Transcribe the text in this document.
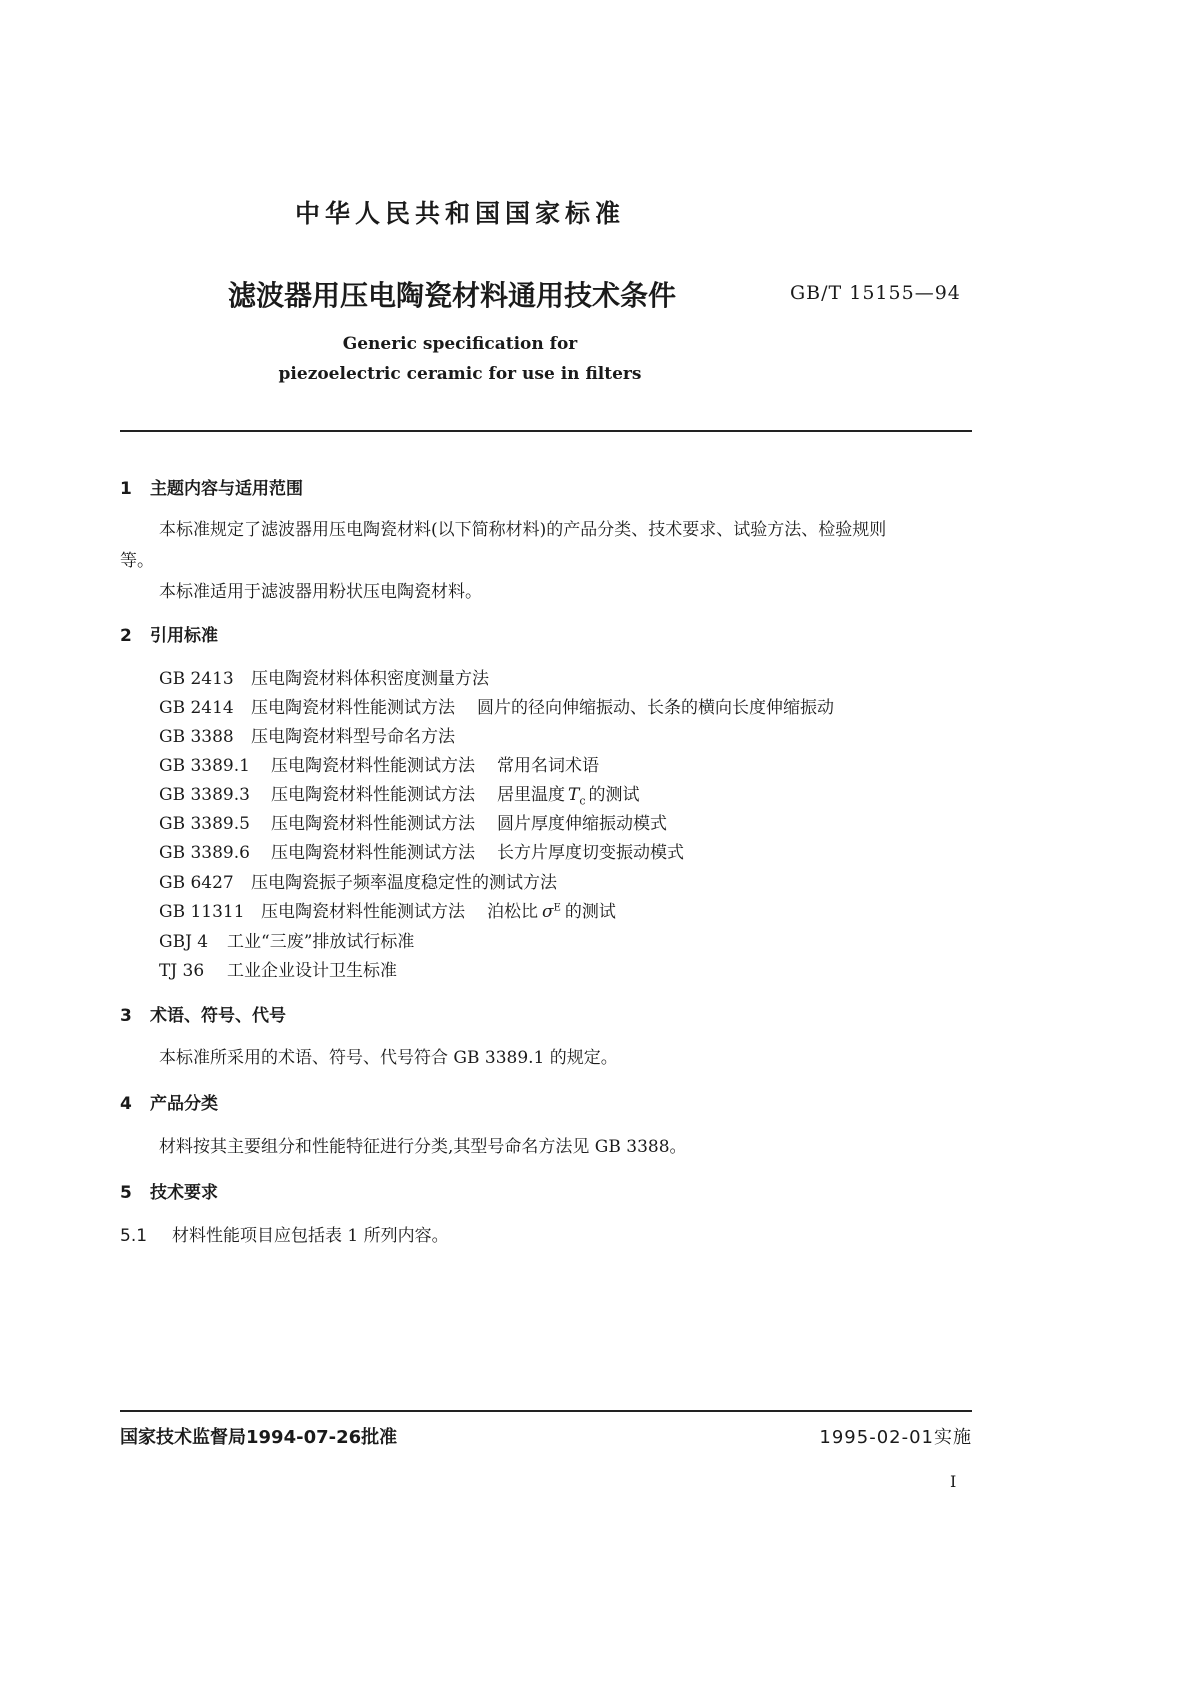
中华人民共和国国家标准
滤波器用压电陶瓷材料通用技术条件	GB/T 15155—94
Generic specification for
piezoelectric ceramic for use in filters
1 主题内容与适用范围
本标准规定了滤波器用压电陶瓷材料(以下简称材料)的产品分类、技术要求、试验方法、检验规则
等。
本标准适用于滤波器用粉状压电陶瓷材料。
2 引用标准
GB 2413 压电陶瓷材料体积密度测量方法
GB 2414 压电陶瓷材料性能测试方法 圆片的径向伸缩振动、长条的横向长度伸缩振动
GB 3388 压电陶瓷材料型号命名方法
GB 3389.1 压电陶瓷材料性能测试方法 常用名词术语
GB 3389.3 压电陶瓷材料性能测试方法 居里温度 $T_c$ 的测试
GB 3389.5 压电陶瓷材料性能测试方法 圆片厚度伸缩振动模式
GB 3389.6 压电陶瓷材料性能测试方法 长方片厚度切变振动模式
GB 6427 压电陶瓷振子频率温度稳定性的测试方法
GB 11311 压电陶瓷材料性能测试方法 泊松比 $\sigma^E$ 的测试
GBJ 4 工业“三废”排放试行标准
TJ 36 工业企业设计卫生标准
3 术语、符号、代号
本标准所采用的术语、符号、代号符合 GB 3389.1 的规定。
4 产品分类
材料按其主要组分和性能特征进行分类,其型号命名方法见 GB 3388。
5 技术要求
5.1 材料性能项目应包括表 1 所列内容。
国家技术监督局1994-07-26批准	1995-02-01实施
I
